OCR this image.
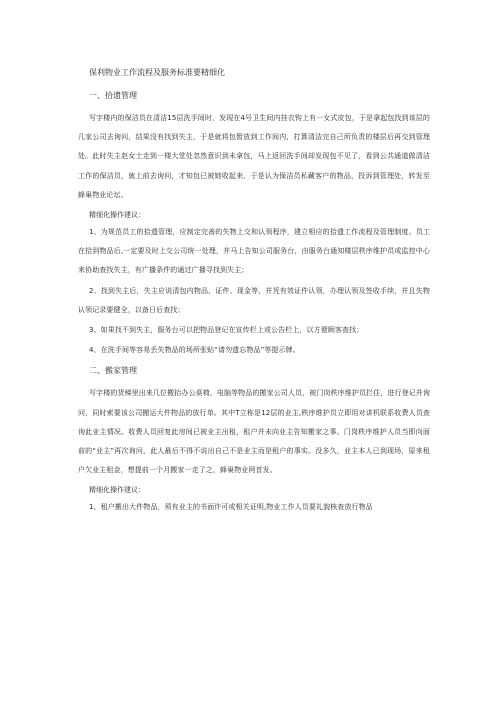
保利物业工作流程及服务标准要精细化
一、拾遗管理

写字楼内的保洁员在清洁15层洗手间时，发现在4号卫生间内挂衣钩上有一女式皮包，于是拿起包找到该层的几家公司去询问，结果没有找到失主，于是就将包暂放到工作间内，打算清洁完自己所负责的楼层后再交到管理处。此时失主赵女士走到一楼大堂处忽然意识到未拿包，马上返回洗手间却发现包不见了，看到公共通道做清洁工作的保洁员，就上前去询问，才知包已被她收起来，于是认为保洁员私藏客户的物品，投诉到管理处，转发至蜂巢物业论坛。

精细化操作建议：

1、为规范员工的拾遗管理，应制定完善的失物上交和认领程序，建立相应的拾遗工作流程及管理制度。员工在拾到物品后,一定要及时上交公司统一处理，并马上告知公司服务台，由服务台通知楼层秩序维护员或监控中心来协助查找失主，有广播条件的通过广播寻找到失主；

2、找到失主后，失主应说清包内物品、证件、现金等，并凭有效证件认领，办理认领及签收手续，并且失物认领记录要健全，以备日后查找；

3、如果找不到失主，服务台可以把物品登记在宣传栏上或公告栏上，以方便顾客查找；

4、在洗手间等容易丢失物品的场所张贴“请勿遗忘物品”等提示牌。

二、搬家管理

写字楼的货梯里出来几位搬抬办公桌椅、电脑等物品的搬家公司人员，被门岗秩序维护员拦住，进行登记并询问，同时索要该公司搬运大件物品的放行单。其中T立称是12层的业主,秩序维护员立即用对讲机联系收费人员查询此业主情况。收费人员回复此房间已被业主出租，租户并未向业主告知搬家之事。门岗秩序维护人员当即向面前的“业主”再次询问，此人最后不得不说出自己不是业主而是租户的事实。没多久，业主本人已到现场，原来租户欠业主租金，想提前一个月搬家一走了之，蜂巢物业网首发。

精细化操作建议：

1、租户搬出大件物品，须有业主的书面许可或相关证明,物业工作人员要礼貌核查放行物品
